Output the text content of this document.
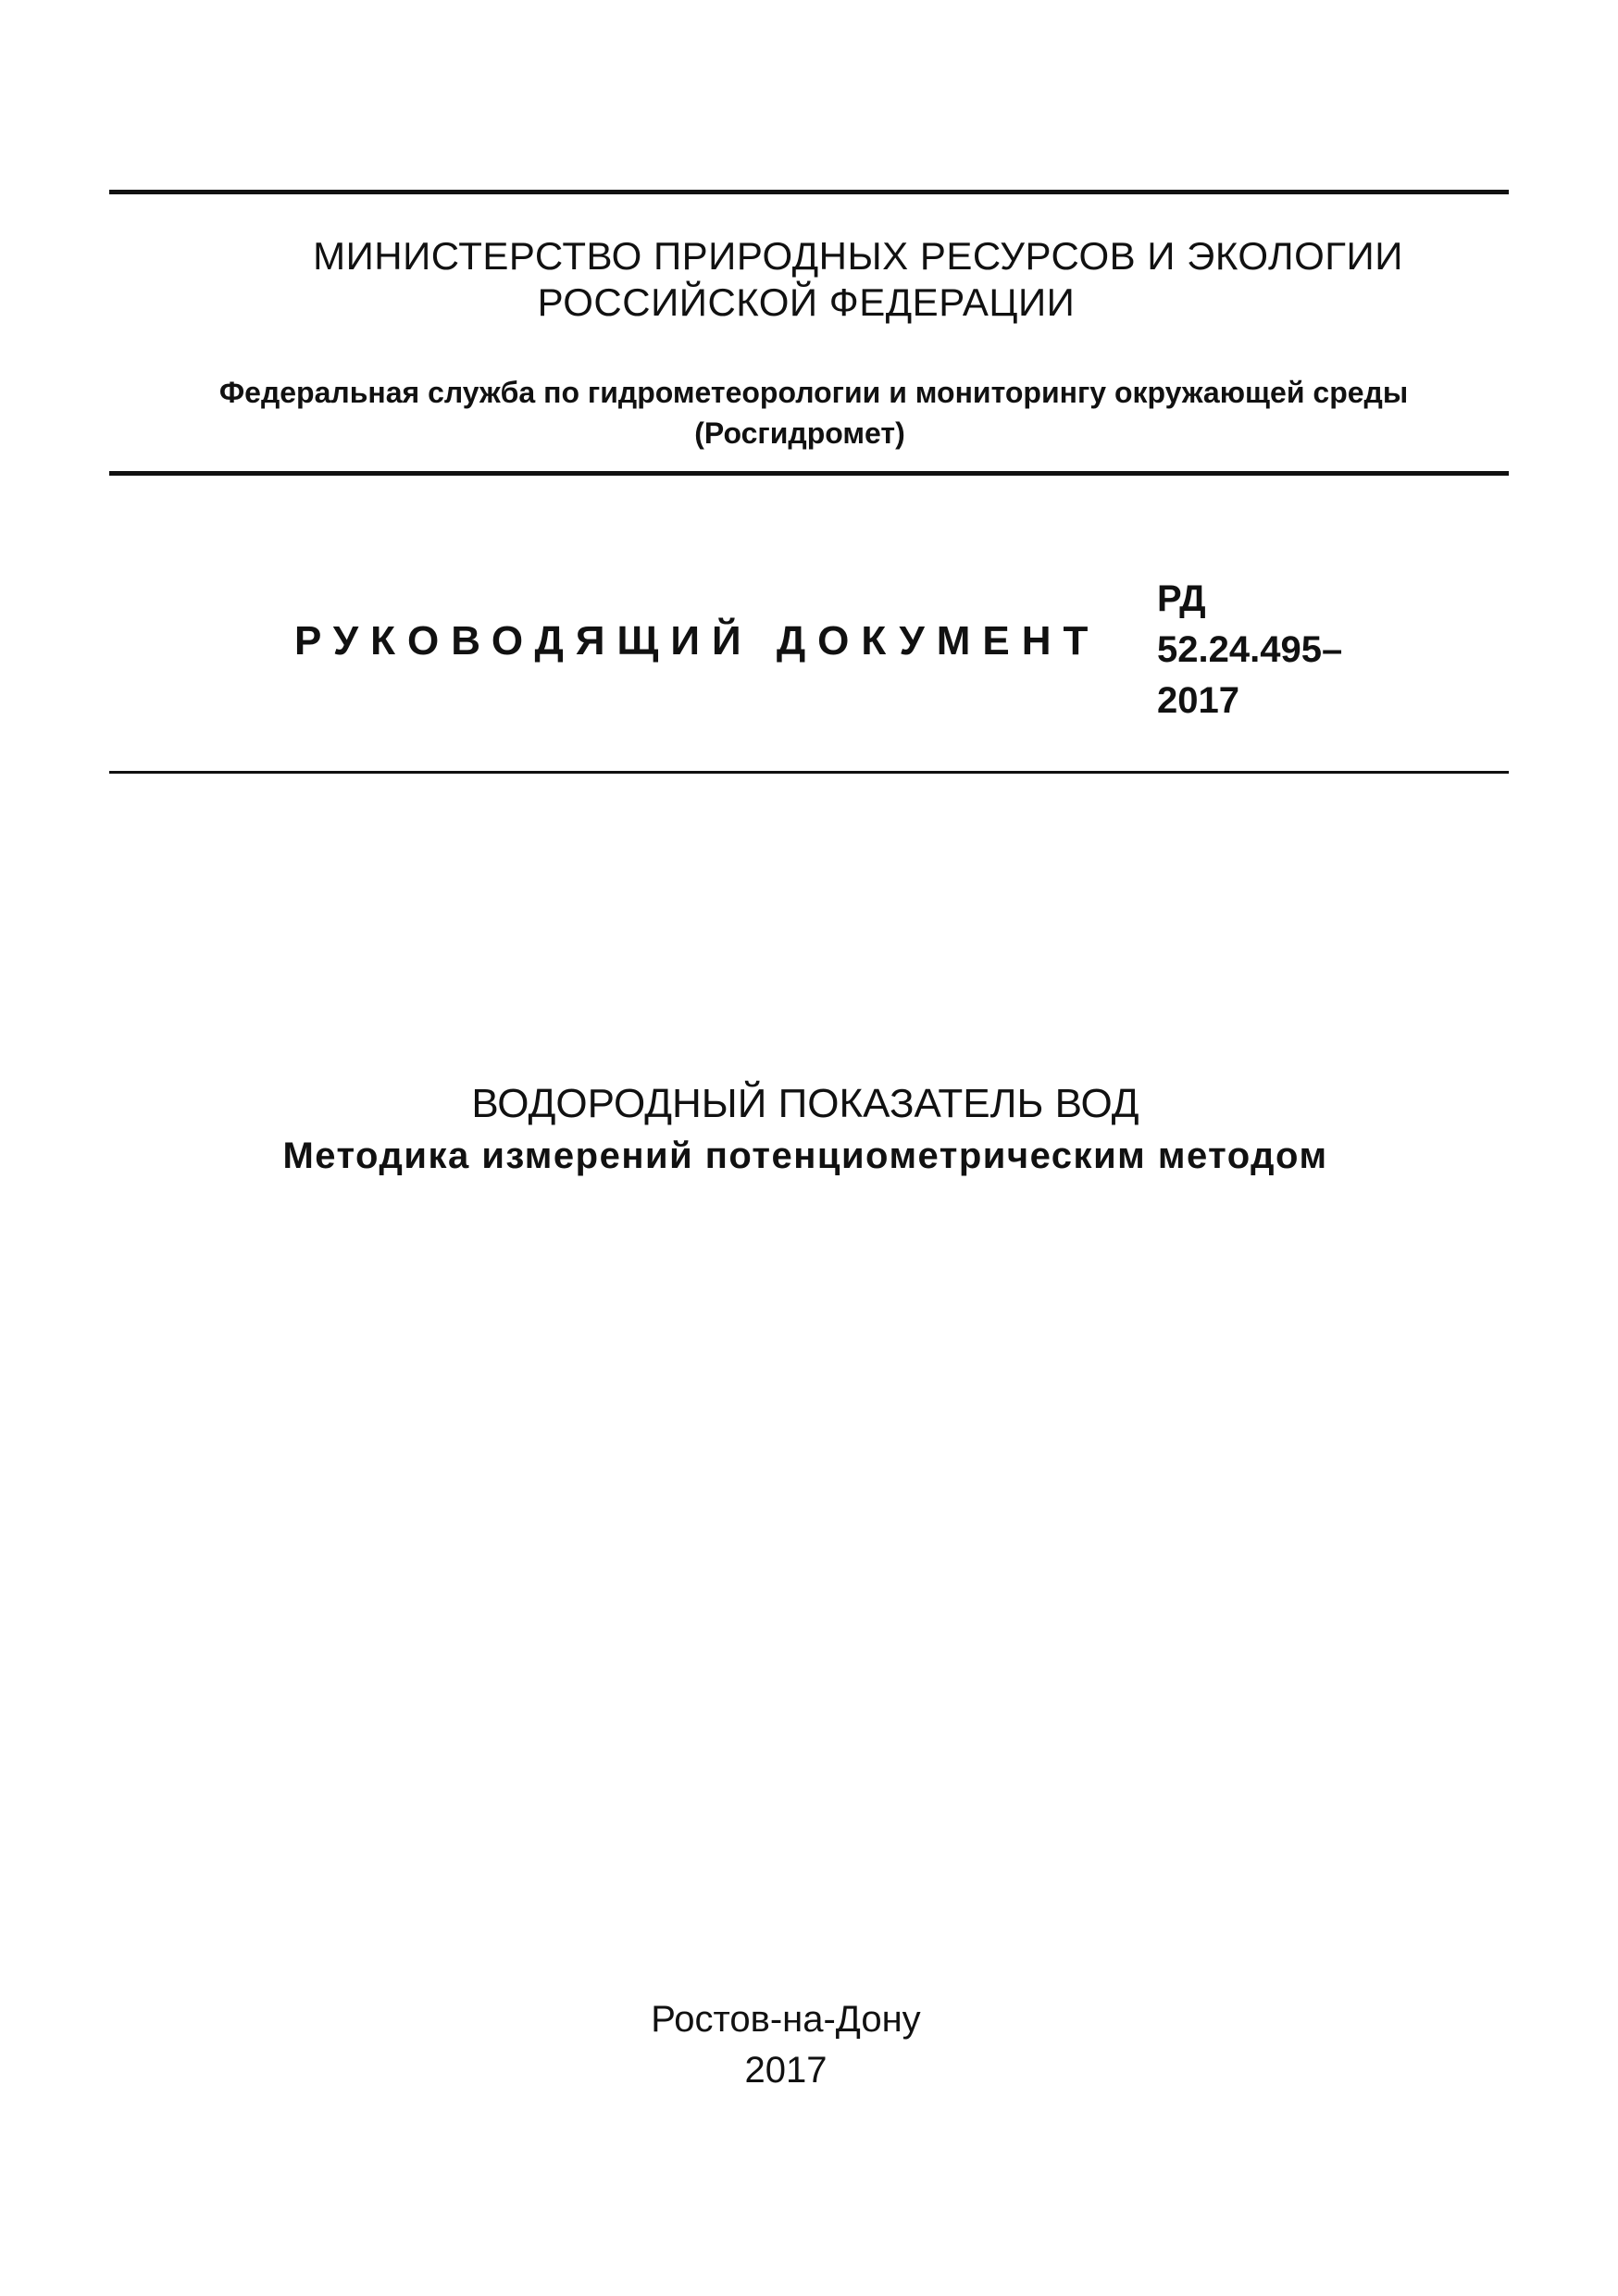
МИНИСТЕРСТВО ПРИРОДНЫХ РЕСУРСОВ И ЭКОЛОГИИ
РОССИЙСКОЙ ФЕДЕРАЦИИ
Федеральная служба по гидрометеорологии и мониторингу окружающей среды
(Росгидромет)
РУКОВОДЯЩИЙ ДОКУМЕНТ
РД
52.24.495–
2017
ВОДОРОДНЫЙ ПОКАЗАТЕЛЬ ВОД
Методика измерений потенциометрическим методом
Ростов-на-Дону
2017
